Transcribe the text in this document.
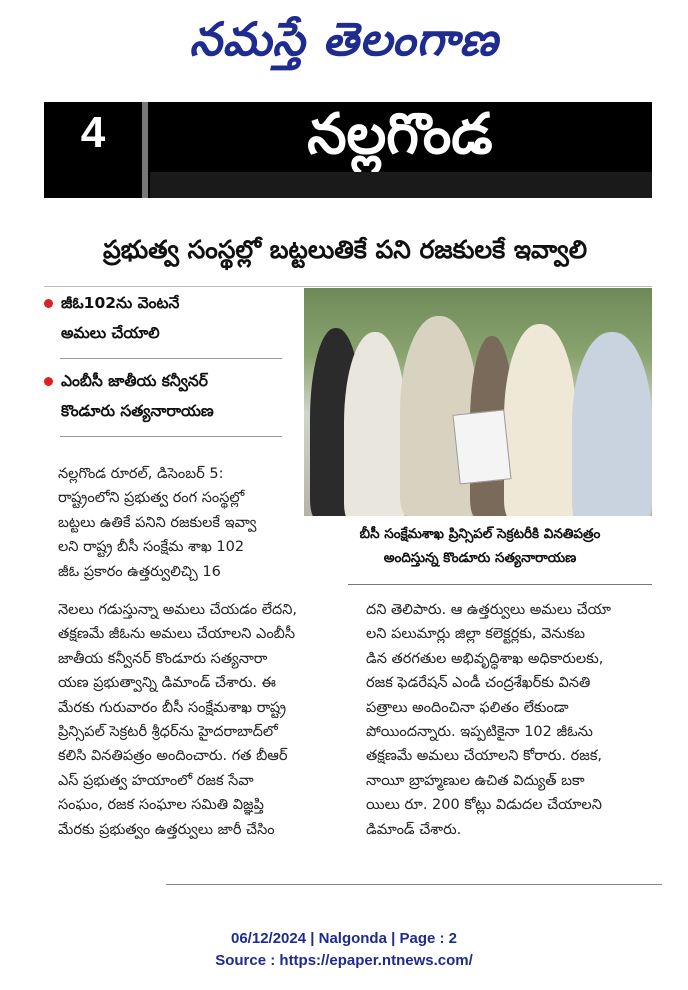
నమస్తే తెలంగాణ
4	నల్లగొండ
ప్రభుత్వ సంస్థల్లో బట్టలుతికే పని రజకులకే ఇవ్వాలి
జీఓ102ను వెంటనే
అమలు చేయాలి
ఎంబీసీ జాతీయ కన్వీనర్
కొండూరు సత్యనారాయణ
బీసీ సంక్షేమశాఖ ప్రిన్సిపల్ సెక్రటరీకి వినతిపత్రం
అందిస్తున్న కొండూరు సత్యనారాయణ
నల్లగొండ రూరల్, డిసెంబర్ 5:
రాష్ట్రంలోని ప్రభుత్వ రంగ సంస్థల్లో
బట్టలు ఉతికే పనిని రజకులకే ఇవ్వా
లని రాష్ట్ర బీసీ సంక్షేమ శాఖ 102
జీఓ ప్రకారం ఉత్తర్వులిచ్చి 16
నెలలు గడుస్తున్నా అమలు చేయడం లేదని,
తక్షణమే జీఓను అమలు చేయాలని ఎంబీసీ
జాతీయ కన్వీనర్ కొండూరు సత్యనారా
యణ ప్రభుత్వాన్ని డిమాండ్ చేశారు. ఈ
మేరకు గురువారం బీసీ సంక్షేమశాఖ రాష్ట్ర
ప్రిన్సిపల్ సెక్రటరీ శ్రీధర్‌ను హైదరాబాద్‌లో
కలిసి వినతిపత్రం అందించారు. గత బీఆర్
ఎస్ ప్రభుత్వ హయాంలో రజక సేవా
సంఘం, రజక సంఘాల సమితి విజ్ఞప్తి
మేరకు ప్రభుత్వం ఉత్తర్వులు జారీ చేసిం
దని తెలిపారు. ఆ ఉత్తర్వులు అమలు చేయా
లని పలుమార్లు జిల్లా కలెక్టర్లకు, వెనుకబ
డిన తరగతుల అభివృద్ధిశాఖ అధికారులకు,
రజక ఫెడరేషన్ ఎండీ చంద్రశేఖర్‌కు వినతి
పత్రాలు అందించినా ఫలితం లేకుండా
పోయిందన్నారు. ఇప్పటికైనా 102 జీఓను
తక్షణమే అమలు చేయాలని కోరారు. రజక,
నాయీ బ్రాహ్మణుల ఉచిత విద్యుత్ బకా
యిలు రూ. 200 కోట్లు విడుదల చేయాలని
డిమాండ్ చేశారు.
06/12/2024 | Nalgonda | Page : 2
Source : https://epaper.ntnews.com/
